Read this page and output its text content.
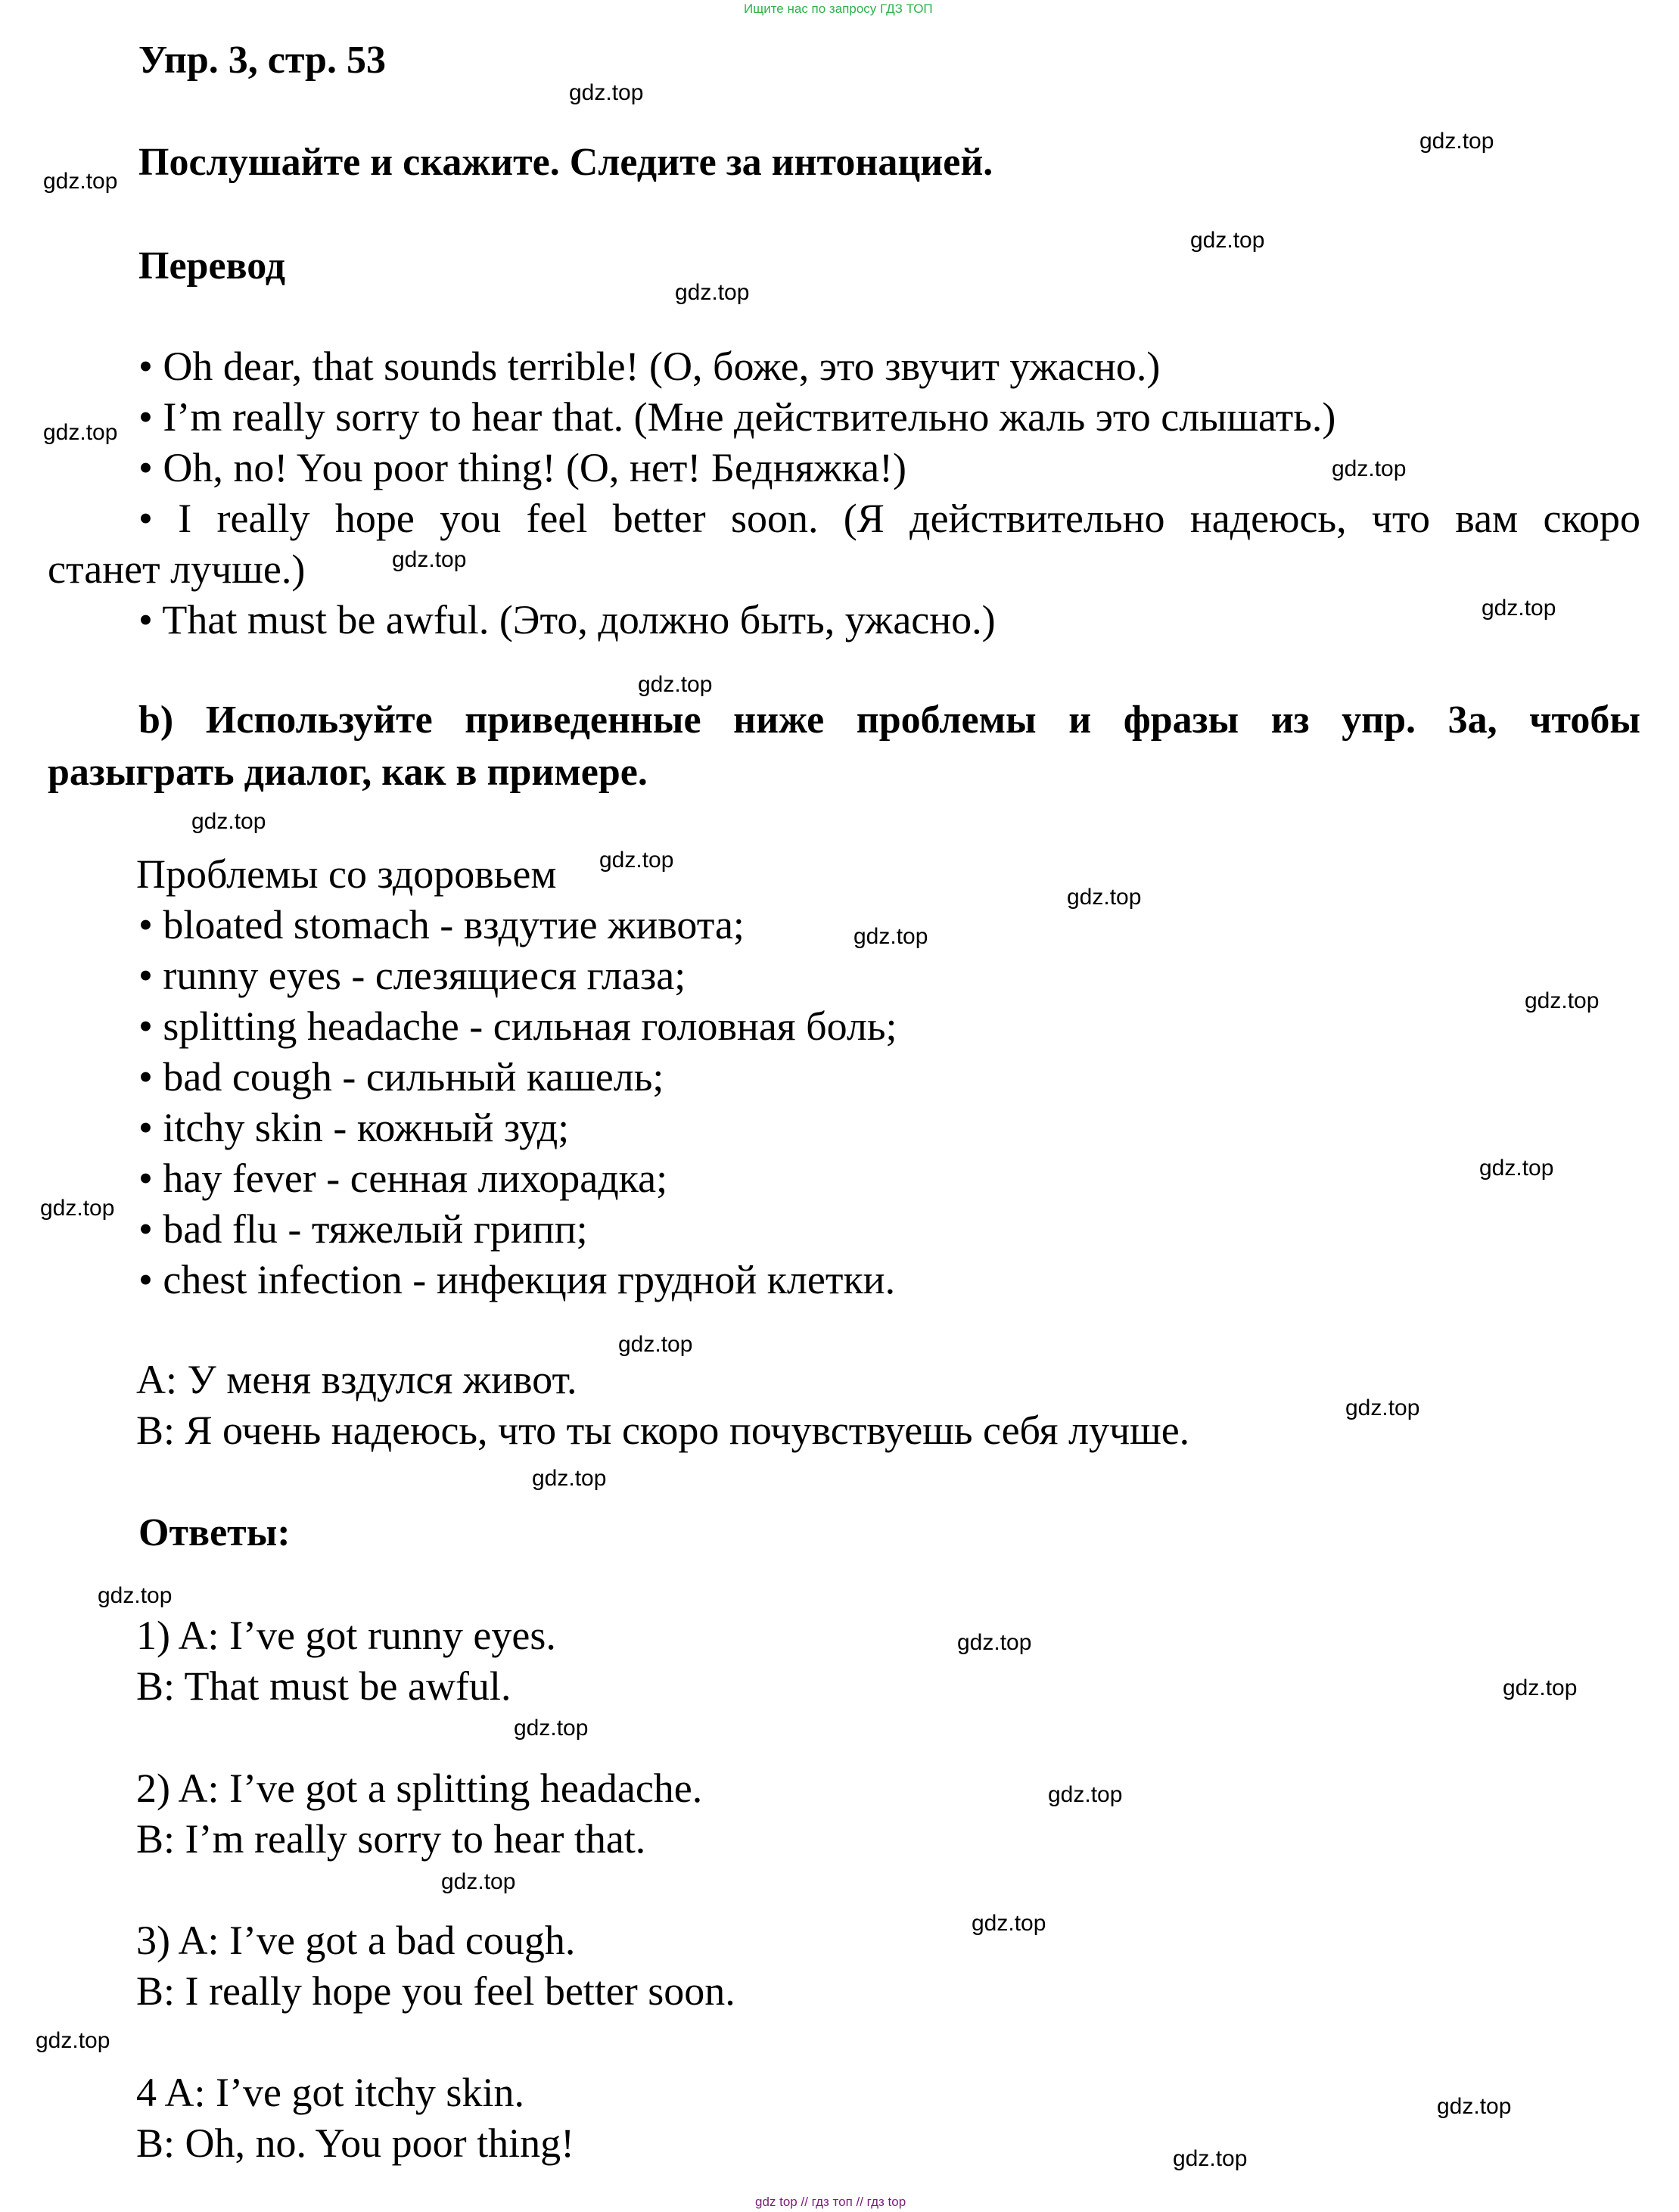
Ищите нас по запросу ГДЗ ТОП
Упр. 3, стр. 53
Послушайте и скажите. Следите за интонацией.
Перевод
• Oh dear, that sounds terrible! (О, боже, это звучит ужасно.)
• I’m really sorry to hear that. (Мне действительно жаль это слышать.)
• Oh, no! You poor thing! (О, нет! Бедняжка!)
• I really hope you feel better soon. (Я действительно надеюсь, что вам скоро
станет лучше.)
• That must be awful. (Это, должно быть, ужасно.)
b) Используйте приведенные ниже проблемы и фразы из упр. 3а, чтобы
разыграть диалог, как в примере.
Проблемы со здоровьем
• bloated stomach - вздутие живота;
• runny eyes - слезящиеся глаза;
• splitting headache - сильная головная боль;
• bad cough - сильный кашель;
• itchy skin - кожный зуд;
• hay fever - сенная лихорадка;
• bad flu - тяжелый грипп;
• chest infection - инфекция грудной клетки.
А: У меня вздулся живот.
В: Я очень надеюсь, что ты скоро почувствуешь себя лучше.
Ответы:
1) A: I’ve got runny eyes.
B: That must be awful.
2) A: I’ve got a splitting headache.
B: I’m really sorry to hear that.
3) A: I’ve got a bad cough.
B: I really hope you feel better soon.
4 A: I’ve got itchy skin.
B: Oh, no. You poor thing!
gdz.top
gdz.top
gdz.top
gdz.top
gdz.top
gdz.top
gdz.top
gdz.top
gdz.top
gdz.top
gdz.top
gdz.top
gdz.top
gdz.top
gdz.top
gdz.top
gdz.top
gdz.top
gdz.top
gdz.top
gdz.top
gdz.top
gdz.top
gdz.top
gdz.top
gdz.top
gdz.top
gdz.top
gdz.top
gdz.top
gdz top // гдз топ // гдз top
